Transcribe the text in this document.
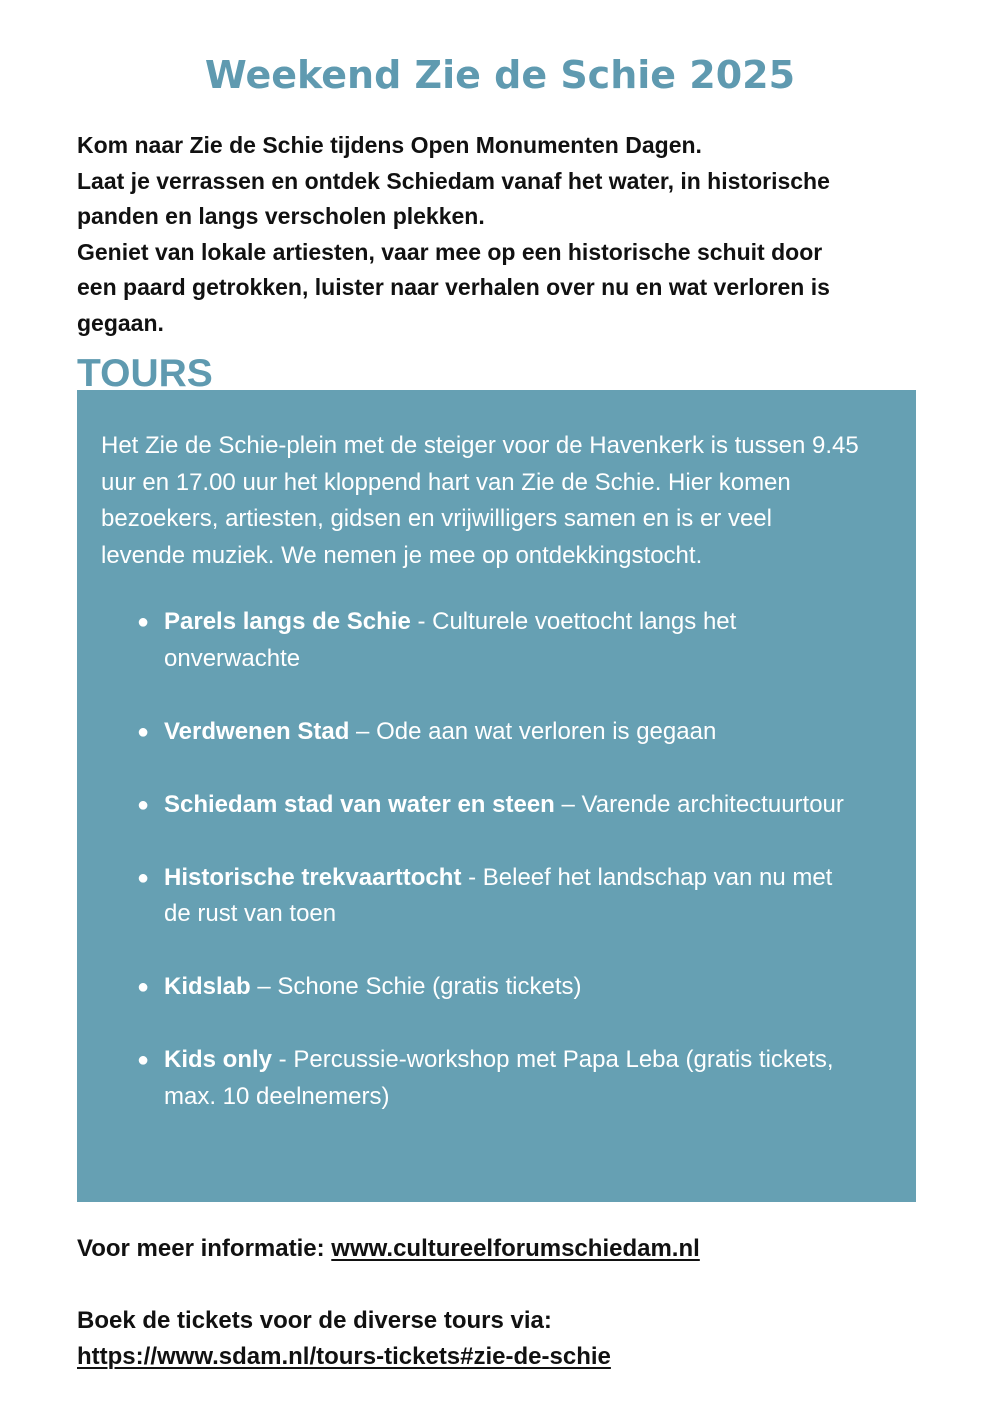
Weekend Zie de Schie 2025

Kom naar Zie de Schie tijdens Open Monumenten Dagen.

Laat je verrassen en ontdek Schiedam vanaf het water, in historische panden en langs verscholen plekken.

Geniet van lokale artiesten, vaar mee op een historische schuit door een paard getrokken, luister naar verhalen over nu en wat verloren is gegaan.

TOURS

Het Zie de Schie-plein met de steiger voor de Havenkerk is tussen 9.45 uur en 17.00 uur het kloppend hart van Zie de Schie. Hier komen bezoekers, artiesten, gidsen en vrijwilligers samen en is er veel levende muziek. We nemen je mee op ontdekkingstocht.

● Parels langs de Schie - Culturele voettocht langs het onverwachte
● Verdwenen Stad – Ode aan wat verloren is gegaan
● Schiedam stad van water en steen – Varende architectuurtour
● Historische trekvaarttocht - Beleef het landschap van nu met de rust van toen
● Kidslab – Schone Schie (gratis tickets)
● Kids only - Percussie-workshop met Papa Leba (gratis tickets, max. 10 deelnemers)

Voor meer informatie: www.cultureelforumschiedam.nl

Boek de tickets voor de diverse tours via:

https://www.sdam.nl/tours-tickets#zie-de-schie
